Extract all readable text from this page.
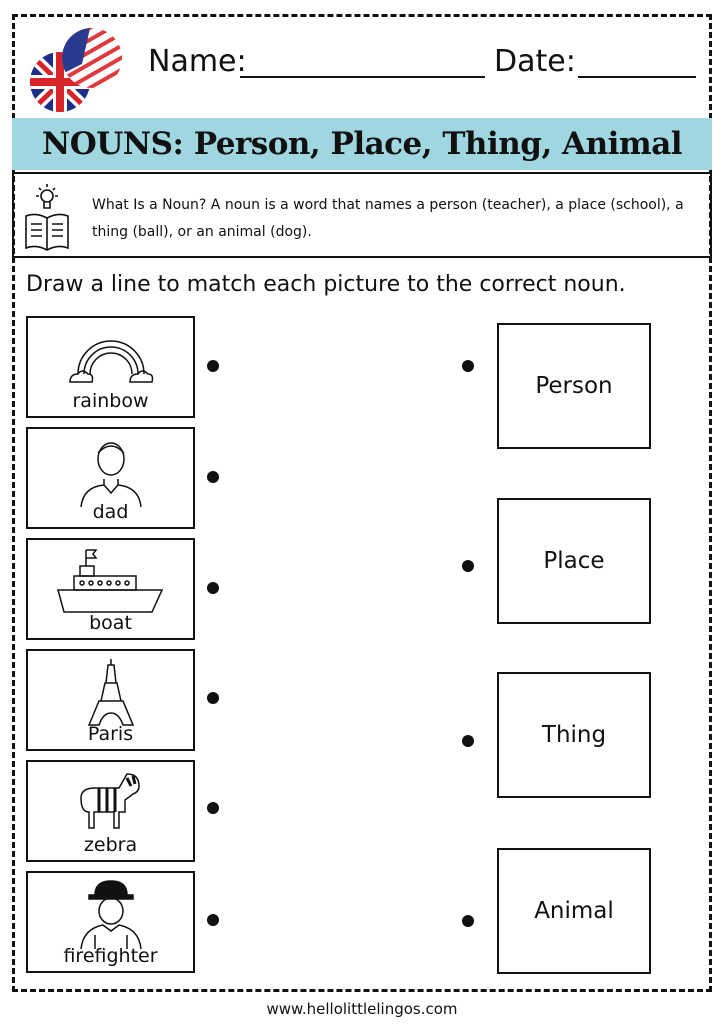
Name:	Date:
NOUNS: Person, Place, Thing, Animal

What Is a Noun? A noun is a word that names a person (teacher), a place (school), a thing (ball), or an animal (dog).

Draw a line to match each picture to the correct noun.
rainbow
dad
boat
Paris
zebra
firefighter
Person
Place
Thing
Animal
www.hellolittlelingos.com
